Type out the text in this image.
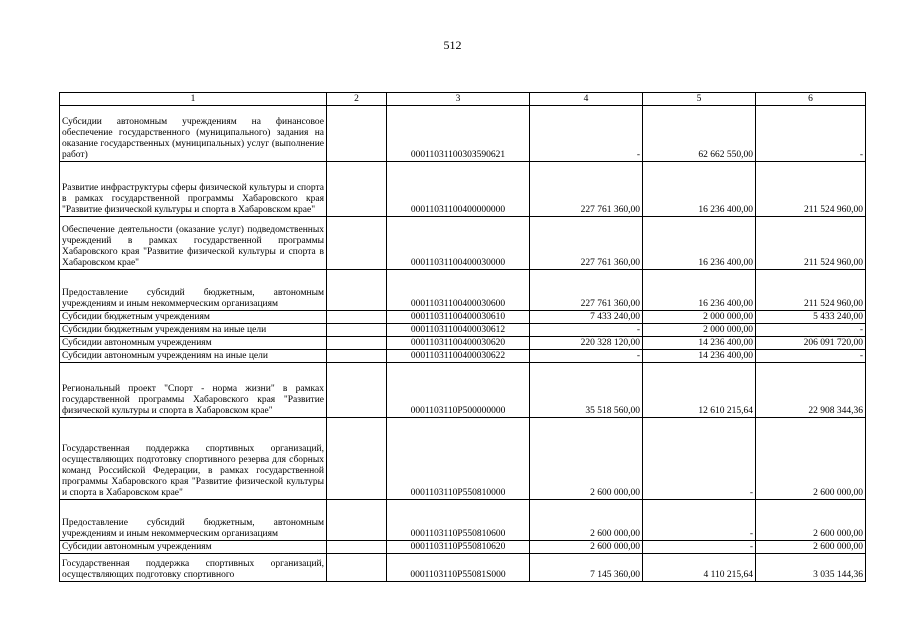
512
1	2	3	4	5	6
Субсидии автономным учреждениям на финансовое обеспечение государственного (муниципального) задания на оказание государственных (муниципальных) услуг (выполнение работ)		0001103110030З590621	-	62 662 550,00	-
Развитие инфраструктуры сферы физической культуры и спорта в рамках государственной программы Хабаровского края "Развитие физической культуры и спорта в Хабаровском крае"		00011031100400000000	227 761 360,00	16 236 400,00	211 524 960,00
Обеспечение деятельности (оказание услуг) подведомственных учреждений в рамках государственной программы Хабаровского края "Развитие физической культуры и спорта в Хабаровском крае"		00011031100400030000	227 761 360,00	16 236 400,00	211 524 960,00
Предоставление субсидий бюджетным, автономным учреждениям и иным некоммерческим организациям		00011031100400030600	227 761 360,00	16 236 400,00	211 524 960,00
Субсидии бюджетным учреждениям		00011031100400030610	7 433 240,00	2 000 000,00	5 433 240,00
Субсидии бюджетным учреждениям на иные цели		00011031100400030612	-	2 000 000,00	-
Субсидии автономным учреждениям		00011031100400030620	220 328 120,00	14 236 400,00	206 091 720,00
Субсидии автономным учреждениям на иные цели		00011031100400030622	-	14 236 400,00	-
Региональный проект "Спорт - норма жизни" в рамках государственной программы Хабаровского края "Развитие физической культуры и спорта в Хабаровском крае"		0001103110Р500000000	35 518 560,00	12 610 215,64	22 908 344,36
Государственная поддержка спортивных организаций, осуществляющих подготовку спортивного резерва для сборных команд Российской Федерации, в рамках государственной программы Хабаровского края "Развитие физической культуры и спорта в Хабаровском крае"		0001103110Р550810000	2 600 000,00	-	2 600 000,00
Предоставление субсидий бюджетным, автономным учреждениям и иным некоммерческим организациям		0001103110Р550810600	2 600 000,00	-	2 600 000,00
Субсидии автономным учреждениям		0001103110Р550810620	2 600 000,00	-	2 600 000,00
Государственная поддержка спортивных организаций, осуществляющих подготовку спортивного		0001103110Р55081S000	7 145 360,00	4 110 215,64	3 035 144,36
